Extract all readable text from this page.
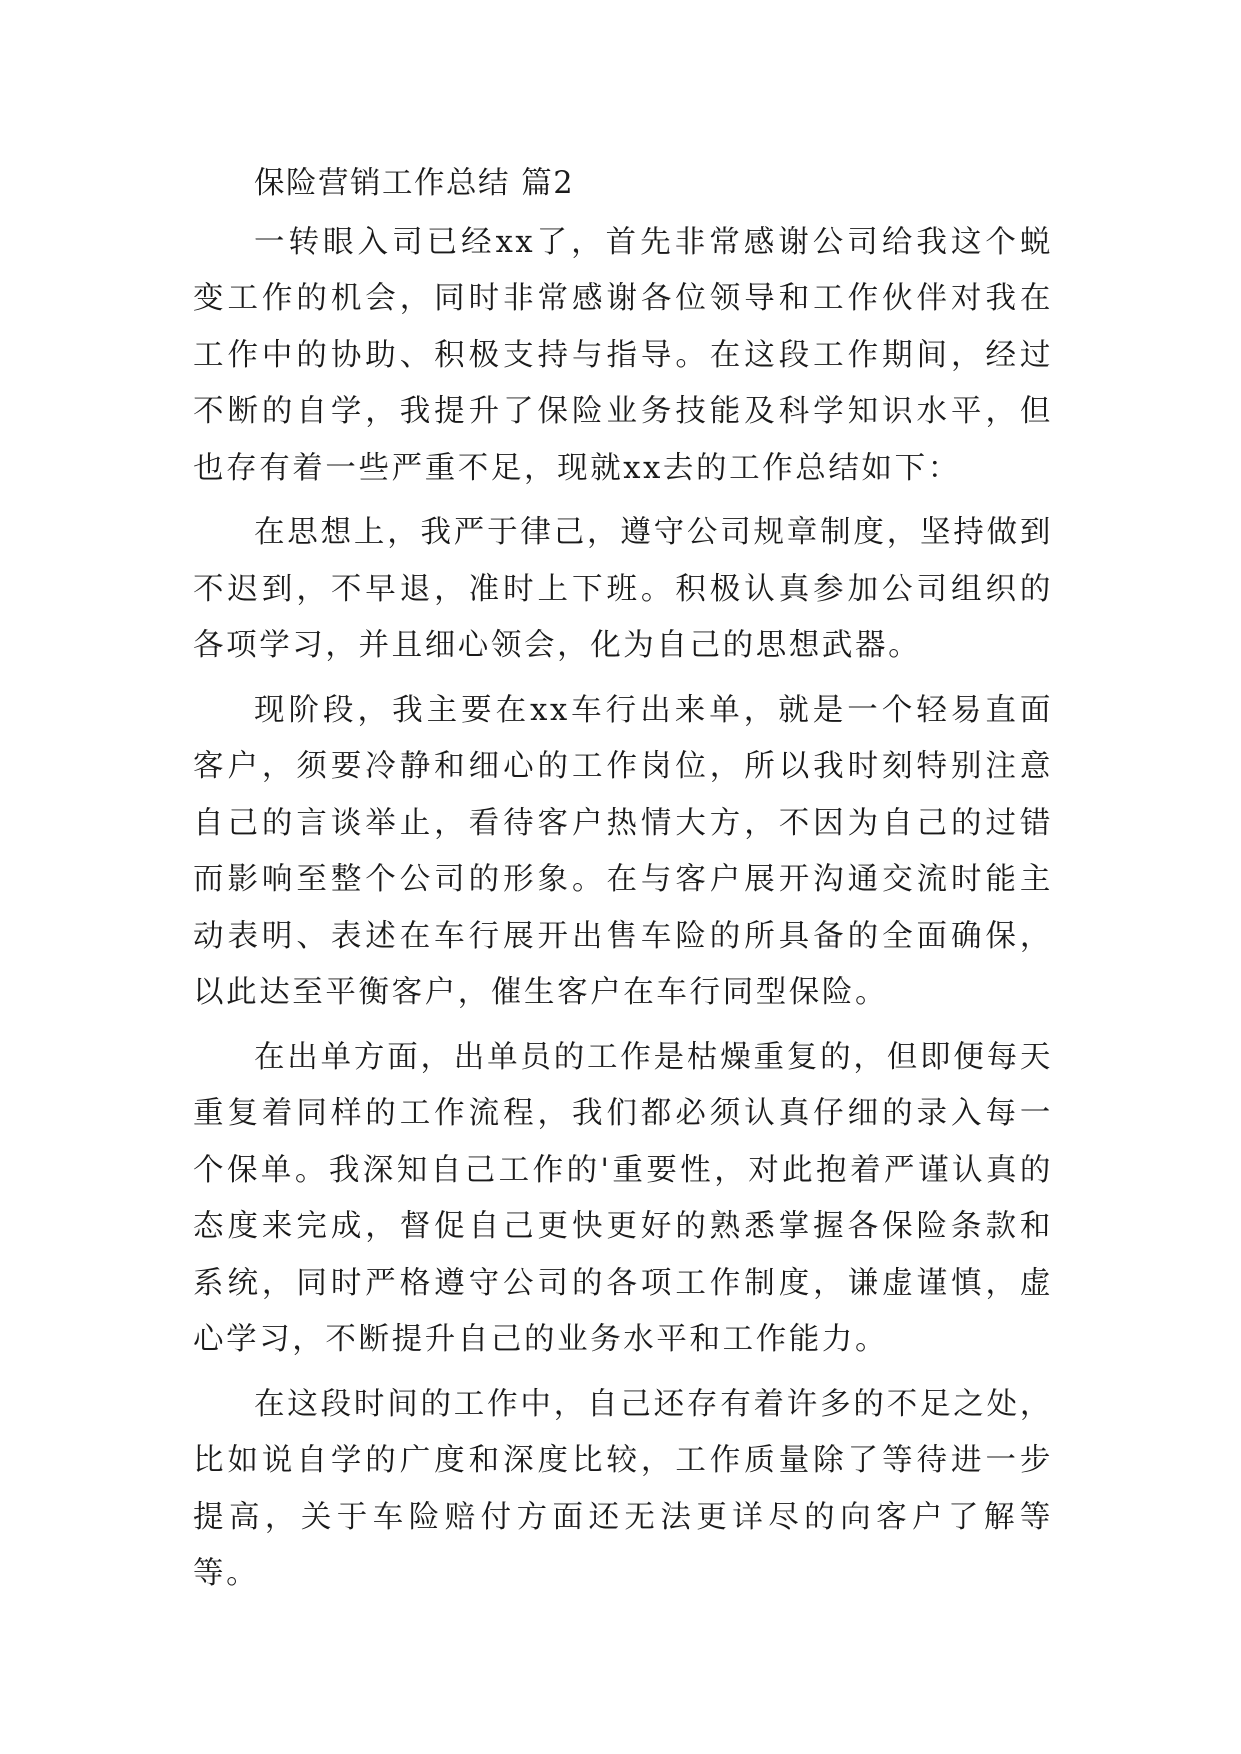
保险营销工作总结 篇2

一转眼入司已经xx了，首先非常感谢公司给我这个蜕变工作的机会，同时非常感谢各位领导和工作伙伴对我在工作中的协助、积极支持与指导。在这段工作期间，经过不断的自学，我提升了保险业务技能及科学知识水平，但也存有着一些严重不足，现就xx去的工作总结如下：

在思想上，我严于律己，遵守公司规章制度，坚持做到不迟到，不早退，准时上下班。积极认真参加公司组织的各项学习，并且细心领会，化为自己的思想武器。

现阶段，我主要在xx车行出来单，就是一个轻易直面客户，须要冷静和细心的工作岗位，所以我时刻特别注意自己的言谈举止，看待客户热情大方，不因为自己的过错而影响至整个公司的形象。在与客户展开沟通交流时能主动表明、表述在车行展开出售车险的所具备的全面确保，以此达至平衡客户，催生客户在车行同型保险。

在出单方面，出单员的工作是枯燥重复的，但即便每天重复着同样的工作流程，我们都必须认真仔细的录入每一个保单。我深知自己工作的'重要性，对此抱着严谨认真的态度来完成，督促自己更快更好的熟悉掌握各保险条款和系统，同时严格遵守公司的各项工作制度，谦虚谨慎，虚心学习，不断提升自己的业务水平和工作能力。

在这段时间的工作中，自己还存有着许多的不足之处，比如说自学的广度和深度比较，工作质量除了等待进一步提高，关于车险赔付方面还无法更详尽的向客户了解等等。
